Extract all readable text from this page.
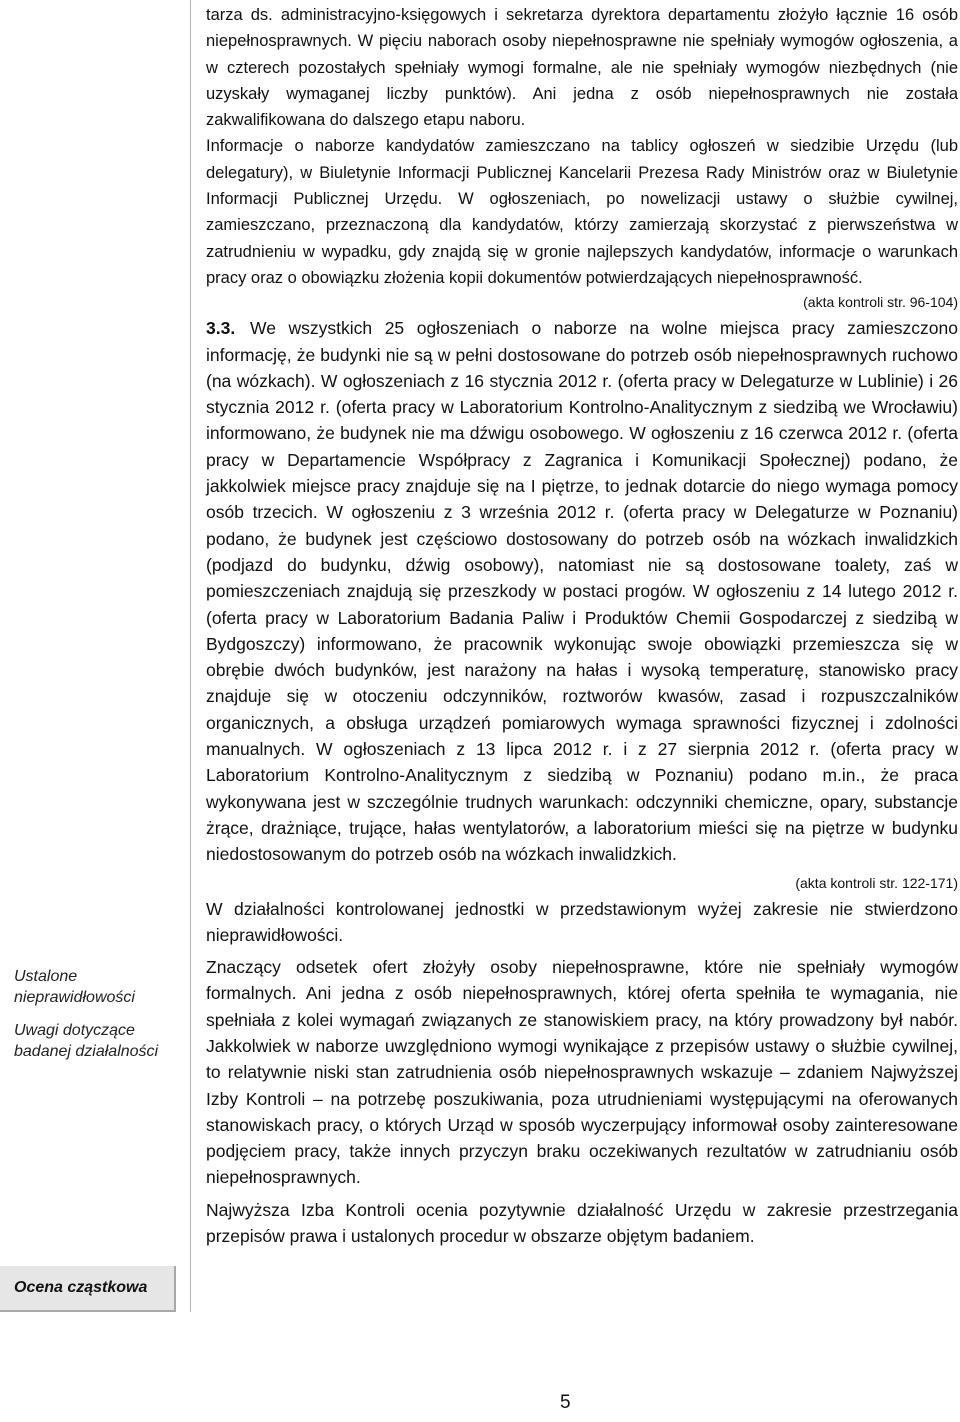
Ustalone nieprawidłowości
Uwagi dotyczące badanej działalności
Ocena cząstkowa

tarza ds. administracyjno-księgowych i sekretarza dyrektora departamentu złożyło łącznie 16 osób niepełnosprawnych. W pięciu naborach osoby niepełnosprawne nie spełniały wymogów ogłoszenia, a w czterech pozostałych spełniały wymogi formalne, ale nie spełniały wymogów niezbędnych (nie uzyskały wymaganej liczby punktów). Ani jedna z osób niepełnosprawnych nie została zakwalifikowana do dalszego etapu naboru.

Informacje o naborze kandydatów zamieszczano na tablicy ogłoszeń w siedzibie Urzędu (lub delegatury), w Biuletynie Informacji Publicznej Kancelarii Prezesa Rady Ministrów oraz w Biuletynie Informacji Publicznej Urzędu. W ogłoszeniach, po nowelizacji ustawy o służbie cywilnej, zamieszczano, przeznaczoną dla kandydatów, którzy zamierzają skorzystać z pierwszeństwa w zatrudnieniu w wypadku, gdy znajdą się w gronie najlepszych kandydatów, informacje o warunkach pracy oraz o obowiązku złożenia kopii dokumentów potwierdzających niepełnosprawność.

(akta kontroli str. 96-104)

3.3. We wszystkich 25 ogłoszeniach o naborze na wolne miejsca pracy zamieszczono informację, że budynki nie są w pełni dostosowane do potrzeb osób niepełnosprawnych ruchowo (na wózkach). W ogłoszeniach z 16 stycznia 2012 r. (oferta pracy w Delegaturze w Lublinie) i 26 stycznia 2012 r. (oferta pracy w Laboratorium Kontrolno-Analitycznym z siedzibą we Wrocławiu) informowano, że budynek nie ma dźwigu osobowego. W ogłoszeniu z 16 czerwca 2012 r. (oferta pracy w Departamencie Współpracy z Zagranica i Komunikacji Społecznej) podano, że jakkolwiek miejsce pracy znajduje się na I piętrze, to jednak dotarcie do niego wymaga pomocy osób trzecich. W ogłoszeniu z 3 września 2012 r. (oferta pracy w Delegaturze w Poznaniu) podano, że budynek jest częściowo dostosowany do potrzeb osób na wózkach inwalidzkich (podjazd do budynku, dźwig osobowy), natomiast nie są dostosowane toalety, zaś w pomieszczeniach znajdują się przeszkody w postaci progów. W ogłoszeniu z 14 lutego 2012 r. (oferta pracy w Laboratorium Badania Paliw i Produktów Chemii Gospodarczej z siedzibą w Bydgoszczy) informowano, że pracownik wykonując swoje obowiązki przemieszcza się w obrębie dwóch budynków, jest narażony na hałas i wysoką temperaturę, stanowisko pracy znajduje się w otoczeniu odczynników, roztworów kwasów, zasad i rozpuszczalników organicznych, a obsługa urządzeń pomiarowych wymaga sprawności fizycznej i zdolności manualnych. W ogłoszeniach z 13 lipca 2012 r. i z 27 sierpnia 2012 r. (oferta pracy w Laboratorium Kontrolno-Analitycznym z siedzibą w Poznaniu) podano m.in., że praca wykonywana jest w szczególnie trudnych warunkach: odczynniki chemiczne, opary, substancje żrące, drażniące, trujące, hałas wentylatorów, a laboratorium mieści się na piętrze w budynku niedostosowanym do potrzeb osób na wózkach inwalidzkich.

(akta kontroli str. 122-171)

W działalności kontrolowanej jednostki w przedstawionym wyżej zakresie nie stwierdzono nieprawidłowości.

Znaczący odsetek ofert złożyły osoby niepełnosprawne, które nie spełniały wymogów formalnych. Ani jedna z osób niepełnosprawnych, której oferta spełniła te wymagania, nie spełniała z kolei wymagań związanych ze stanowiskiem pracy, na który prowadzony był nabór. Jakkolwiek w naborze uwzględniono wymogi wynikające z przepisów ustawy o służbie cywilnej, to relatywnie niski stan zatrudnienia osób niepełnosprawnych wskazuje – zdaniem Najwyższej Izby Kontroli – na potrzebę poszukiwania, poza utrudnieniami występującymi na oferowanych stanowiskach pracy, o których Urząd w sposób wyczerpujący informował osoby zainteresowane podjęciem pracy, także innych przyczyn braku oczekiwanych rezultatów w zatrudnianiu osób niepełnosprawnych.

Najwyższa Izba Kontroli ocenia pozytywnie działalność Urzędu w zakresie przestrzegania przepisów prawa i ustalonych procedur w obszarze objętym badaniem.

5
